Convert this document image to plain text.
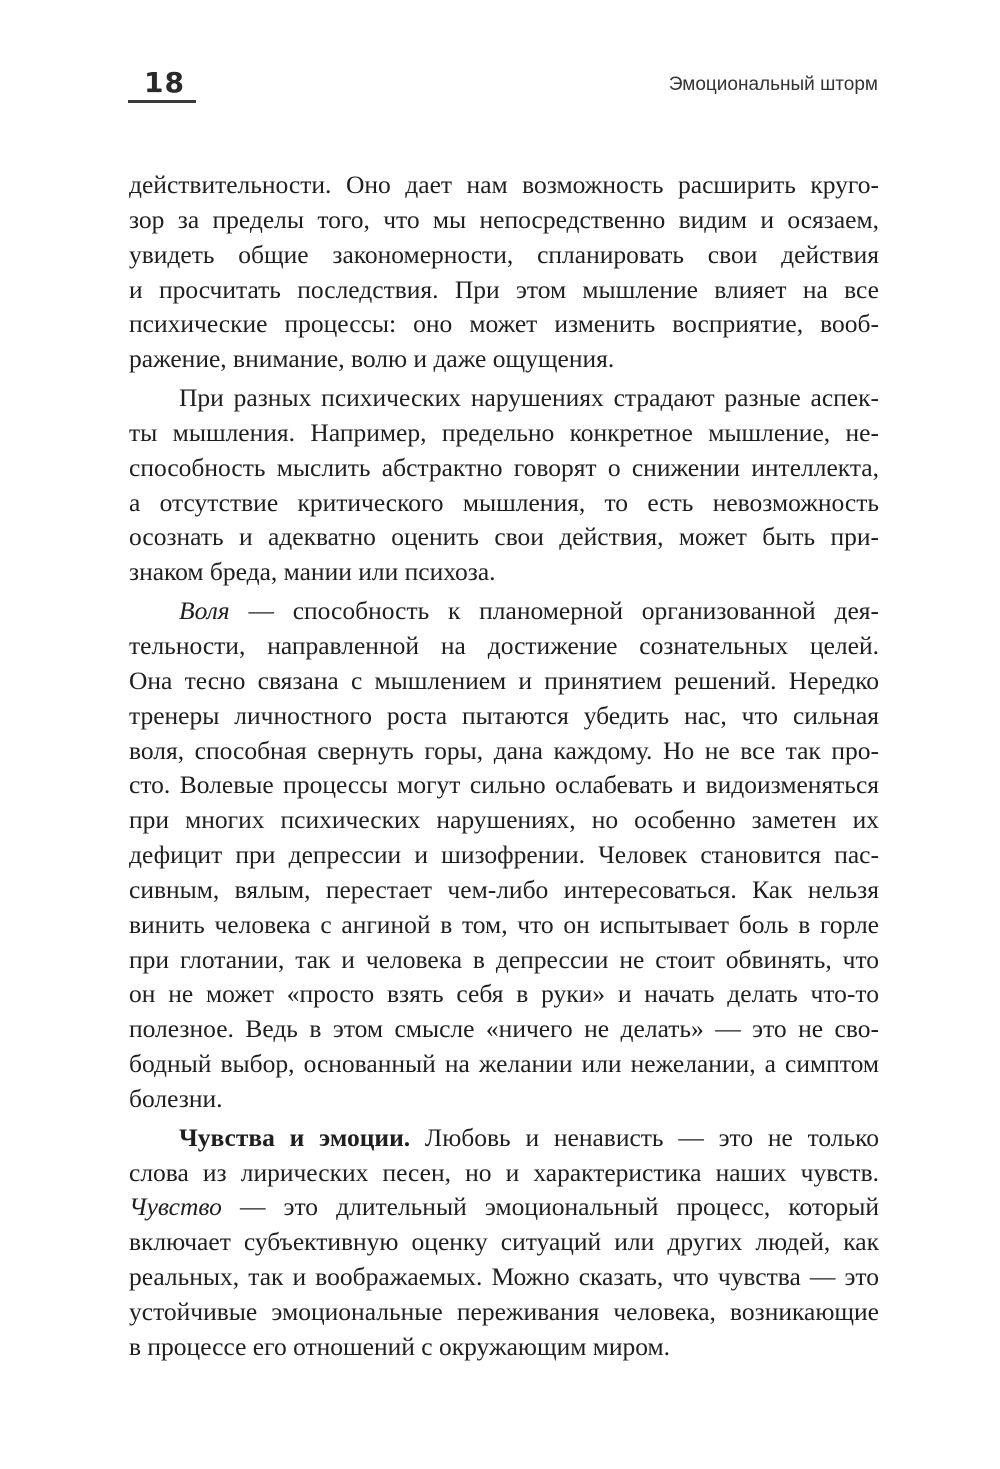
18	Эмоциональный шторм
действительности. Оно дает нам возможность расширить круго-
зор за пределы того, что мы непосредственно видим и осязаем,
увидеть общие закономерности, спланировать свои действия
и просчитать последствия. При этом мышление влияет на все
психические процессы: оно может изменить восприятие, вооб-
ражение, внимание, волю и даже ощущения.
При разных психических нарушениях страдают разные аспек-
ты мышления. Например, предельно конкретное мышление, не-
способность мыслить абстрактно говорят о снижении интеллекта,
а отсутствие критического мышления, то есть невозможность
осознать и адекватно оценить свои действия, может быть при-
знаком бреда, мании или психоза.
Воля — способность к планомерной организованной дея-
тельности, направленной на достижение сознательных целей.
Она тесно связана с мышлением и принятием решений. Нередко
тренеры личностного роста пытаются убедить нас, что сильная
воля, способная свернуть горы, дана каждому. Но не все так про-
сто. Волевые процессы могут сильно ослабевать и видоизменяться
при многих психических нарушениях, но особенно заметен их
дефицит при депрессии и шизофрении. Человек становится пас-
сивным, вялым, перестает чем-либо интересоваться. Как нельзя
винить человека с ангиной в том, что он испытывает боль в горле
при глотании, так и человека в депрессии не стоит обвинять, что
он не может «просто взять себя в руки» и начать делать что-то
полезное. Ведь в этом смысле «ничего не делать» — это не сво-
бодный выбор, основанный на желании или нежелании, а симптом
болезни.
Чувства и эмоции. Любовь и ненависть — это не только
слова из лирических песен, но и характеристика наших чувств.
Чувство — это длительный эмоциональный процесс, который
включает субъективную оценку ситуаций или других людей, как
реальных, так и воображаемых. Можно сказать, что чувства — это
устойчивые эмоциональные переживания человека, возникающие
в процессе его отношений с окружающим миром.
